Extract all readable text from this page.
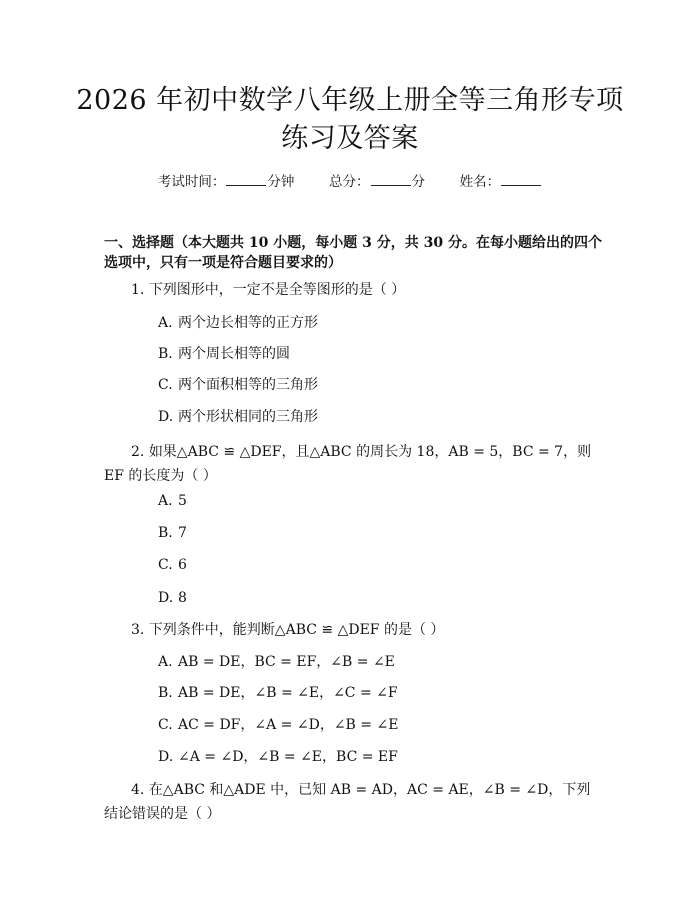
2026 年初中数学八年级上册全等三角形专项
练习及答案
考试时间：	分钟	总分：	分	姓名：
一、选择题（本大题共 10 小题，每小题 3 分，共 30 分。在每小题给出的四个选项中，只有一项是符合题目要求的）
1. 下列图形中，一定不是全等图形的是（ ）
A. 两个边长相等的正方形
B. 两个周长相等的圆
C. 两个面积相等的三角形
D. 两个形状相同的三角形
2. 如果△ABC ≌ △DEF，且△ABC 的周长为 18，AB = 5，BC = 7，则 EF 的长度为（ ）
A. 5
B. 7
C. 6
D. 8
3. 下列条件中，能判断△ABC ≌ △DEF 的是（ ）
A. AB = DE，BC = EF，∠B = ∠E
B. AB = DE，∠B = ∠E，∠C = ∠F
C. AC = DF，∠A = ∠D，∠B = ∠E
D. ∠A = ∠D，∠B = ∠E，BC = EF
4. 在△ABC 和△ADE 中，已知 AB = AD，AC = AE，∠B = ∠D，下列结论错误的是（ ）
